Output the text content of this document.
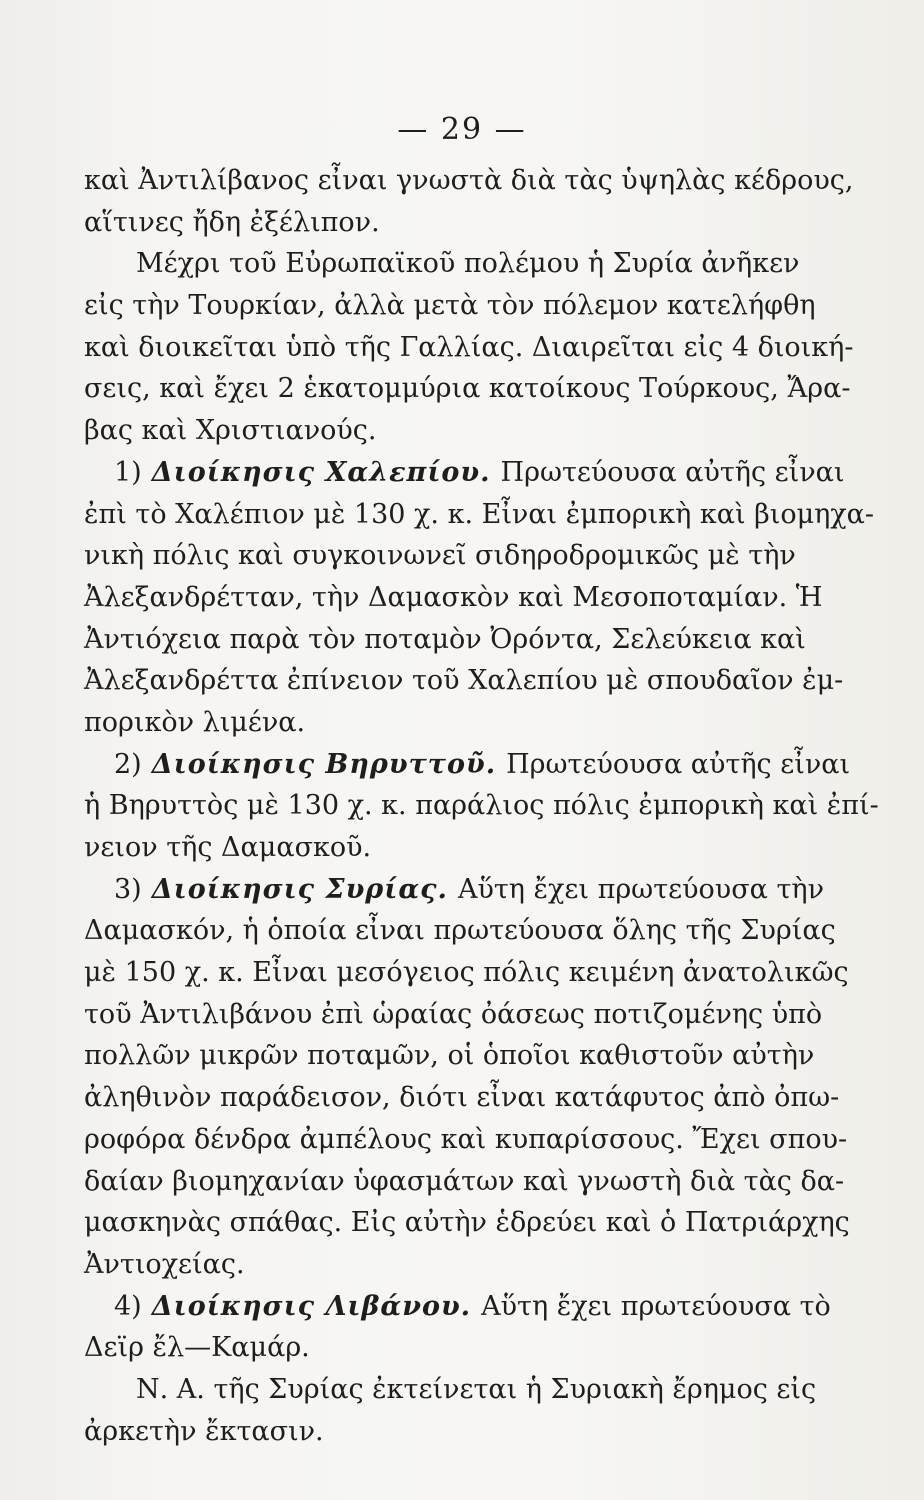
— 29 —
καὶ Ἀντιλίβανος εἶναι γνωστὰ διὰ τὰς ὑψηλὰς κέδρους,
αἵτινες ἤδη ἐξέλιπον.
Μέχρι τοῦ Εὐρωπαϊκοῦ πολέμου ἡ Συρία ἀνῆκεν
εἰς τὴν Τουρκίαν, ἀλλὰ μετὰ τὸν πόλεμον κατελήφθη
καὶ διοικεῖται ὑπὸ τῆς Γαλλίας. Διαιρεῖται εἰς 4 διοική-
σεις, καὶ ἔχει 2 ἑκατομμύρια κατοίκους Τούρκους, Ἄρα-
βας καὶ Χριστιανούς.
1) Διοίκησις Χαλεπίου. Πρωτεύουσα αὐτῆς εἶναι
ἐπὶ τὸ Χαλέπιον μὲ 130 χ. κ. Εἶναι ἐμπορικὴ καὶ βιομηχα-
νικὴ πόλις καὶ συγκοινωνεῖ σιδηροδρομικῶς μὲ τὴν
Ἀλεξανδρέτταν, τὴν Δαμασκὸν καὶ Μεσοποταμίαν. Ἡ
Ἀντιόχεια παρὰ τὸν ποταμὸν Ὀρόντα, Σελεύκεια καὶ
Ἀλεξανδρέττα ἐπίνειον τοῦ Χαλεπίου μὲ σπουδαῖον ἐμ-
πορικὸν λιμένα.
2) Διοίκησις Βηρυττοῦ. Πρωτεύουσα αὐτῆς εἶναι
ἡ Βηρυττὸς μὲ 130 χ. κ. παράλιος πόλις ἐμπορικὴ καὶ ἐπί-
νειον τῆς Δαμασκοῦ.
3) Διοίκησις Συρίας. Αὕτη ἔχει πρωτεύουσα τὴν
Δαμασκόν, ἡ ὁποία εἶναι πρωτεύουσα ὅλης τῆς Συρίας
μὲ 150 χ. κ. Εἶναι μεσόγειος πόλις κειμένη ἀνατολικῶς
τοῦ Ἀντιλιβάνου ἐπὶ ὡραίας ὀάσεως ποτιζομένης ὑπὸ
πολλῶν μικρῶν ποταμῶν, οἱ ὁποῖοι καθιστοῦν αὐτὴν
ἀληθινὸν παράδεισον, διότι εἶναι κατάφυτος ἀπὸ ὀπω-
ροφόρα δένδρα ἀμπέλους καὶ κυπαρίσσους. Ἔχει σπου-
δαίαν βιομηχανίαν ὑφασμάτων καὶ γνωστὴ διὰ τὰς δα-
μασκηνὰς σπάθας. Εἰς αὐτὴν ἑδρεύει καὶ ὁ Πατριάρχης
Ἀντιοχείας.
4) Διοίκησις Λιβάνου. Αὕτη ἔχει πρωτεύουσα τὸ
Δεϊρ ἔλ—Καμάρ.
Ν. Α. τῆς Συρίας ἐκτείνεται ἡ Συριακὴ ἔρημος εἰς
ἀρκετὴν ἔκτασιν.
